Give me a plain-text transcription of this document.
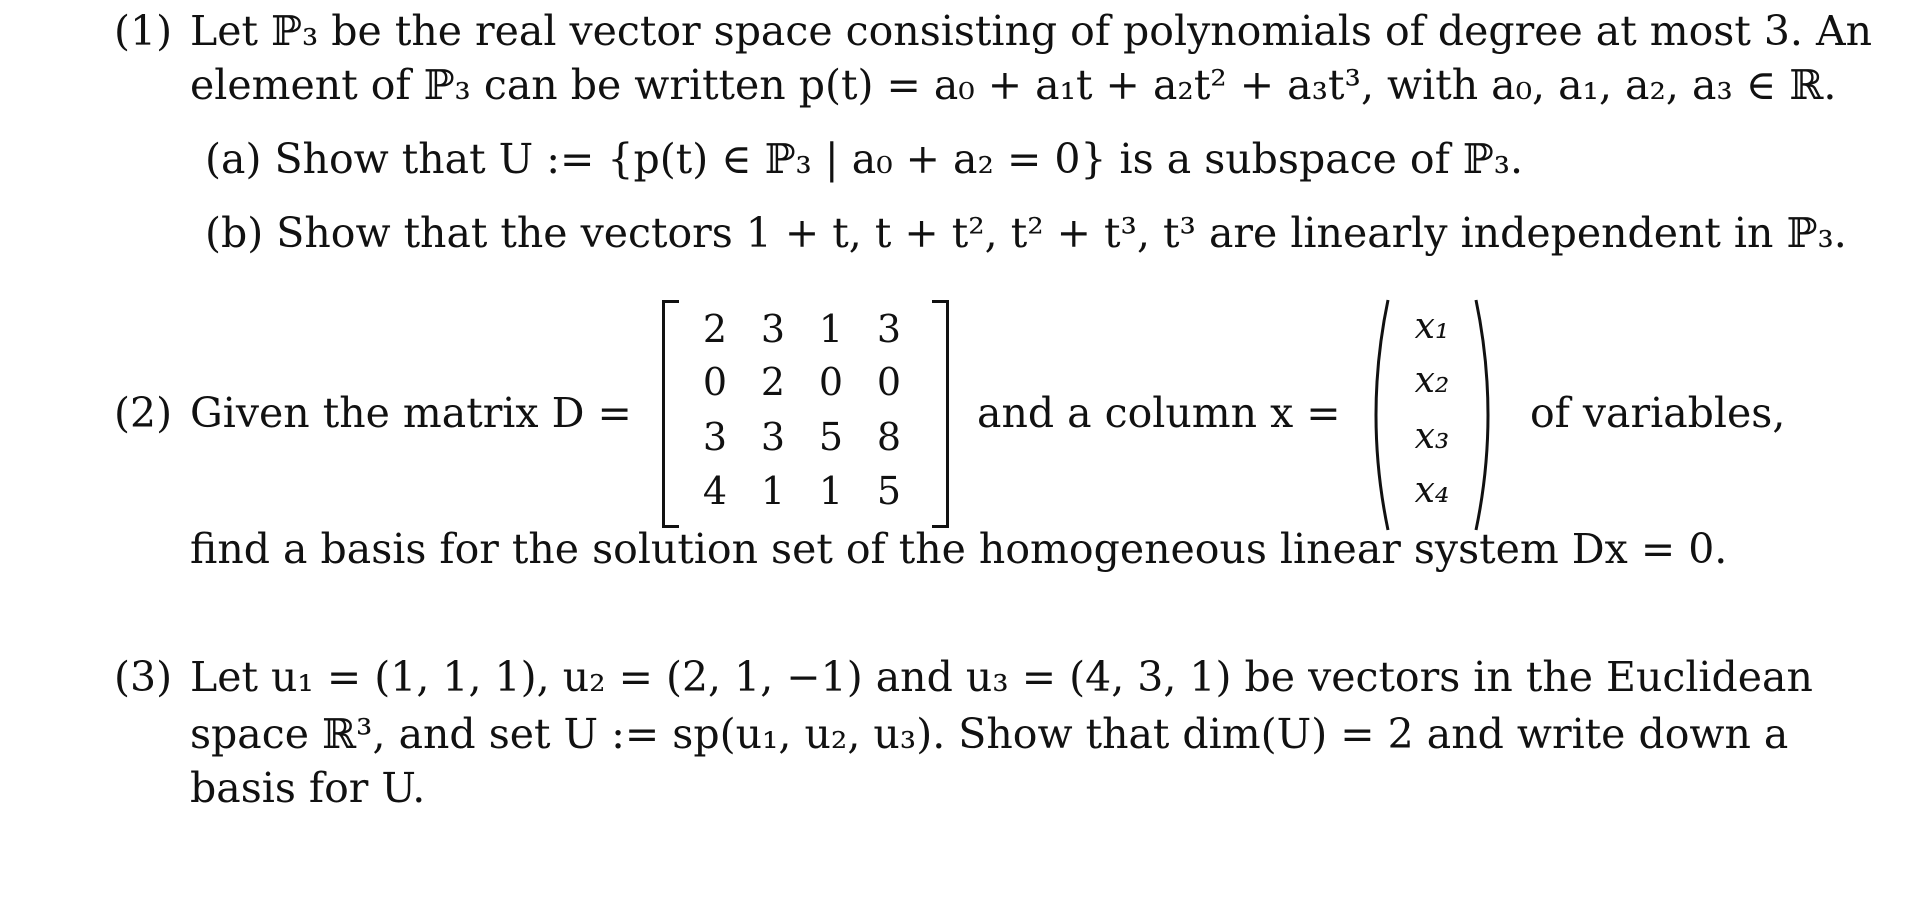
(1) Let ℙ₃ be the real vector space consisting of polynomials of degree at most 3. An
element of ℙ₃ can be written p(t) = a₀ + a₁t + a₂t² + a₃t³, with a₀, a₁, a₂, a₃ ∈ ℝ.
(a) Show that U := {p(t) ∈ ℙ₃ | a₀ + a₂ = 0} is a subspace of ℙ₃.
(b) Show that the vectors 1 + t, t + t², t² + t³, t³ are linearly independent in ℙ₃.
(2) Given the matrix D =
2 3 1 3
0 2 0 0
3 3 5 8
4 1 1 5
and a column x =
x₁
x₂
x₃
x₄
of variables,
find a basis for the solution set of the homogeneous linear system Dx = 0.
(3) Let u₁ = (1, 1, 1), u₂ = (2, 1, −1) and u₃ = (4, 3, 1) be vectors in the Euclidean
space ℝ³, and set U := sp(u₁, u₂, u₃). Show that dim(U) = 2 and write down a
basis for U.
